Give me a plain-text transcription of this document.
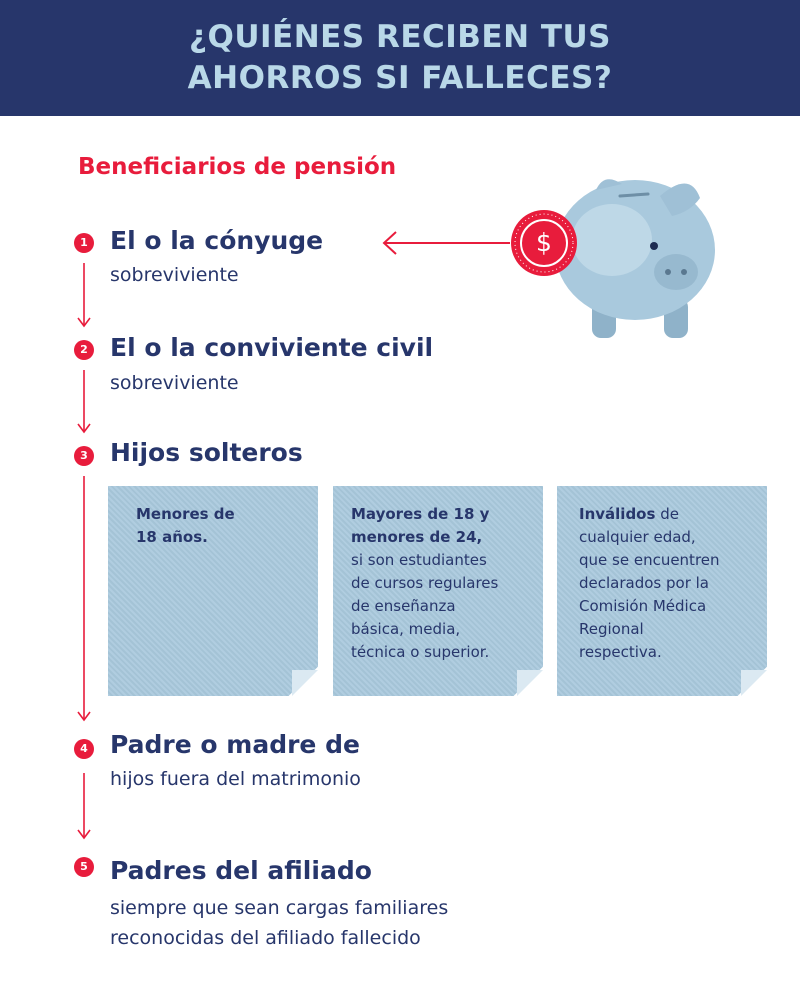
¿QUIÉNES RECIBEN TUS
AHORROS SI FALLECES?
Beneficiarios de pensión
$
1 El o la cónyuge
sobreviviente
2 El o la conviviente civil
sobreviviente
3 Hijos solteros
Menores de
18 años.
Mayores de 18 y
menores de 24,
si son estudiantes
de cursos regulares
de enseñanza
básica, media,
técnica o superior.
Inválidos de
cualquier edad,
que se encuentren
declarados por la
Comisión Médica
Regional
respectiva.
4 Padre o madre de
hijos fuera del matrimonio
5 Padres del afiliado
siempre que sean cargas familiares
reconocidas del afiliado fallecido
